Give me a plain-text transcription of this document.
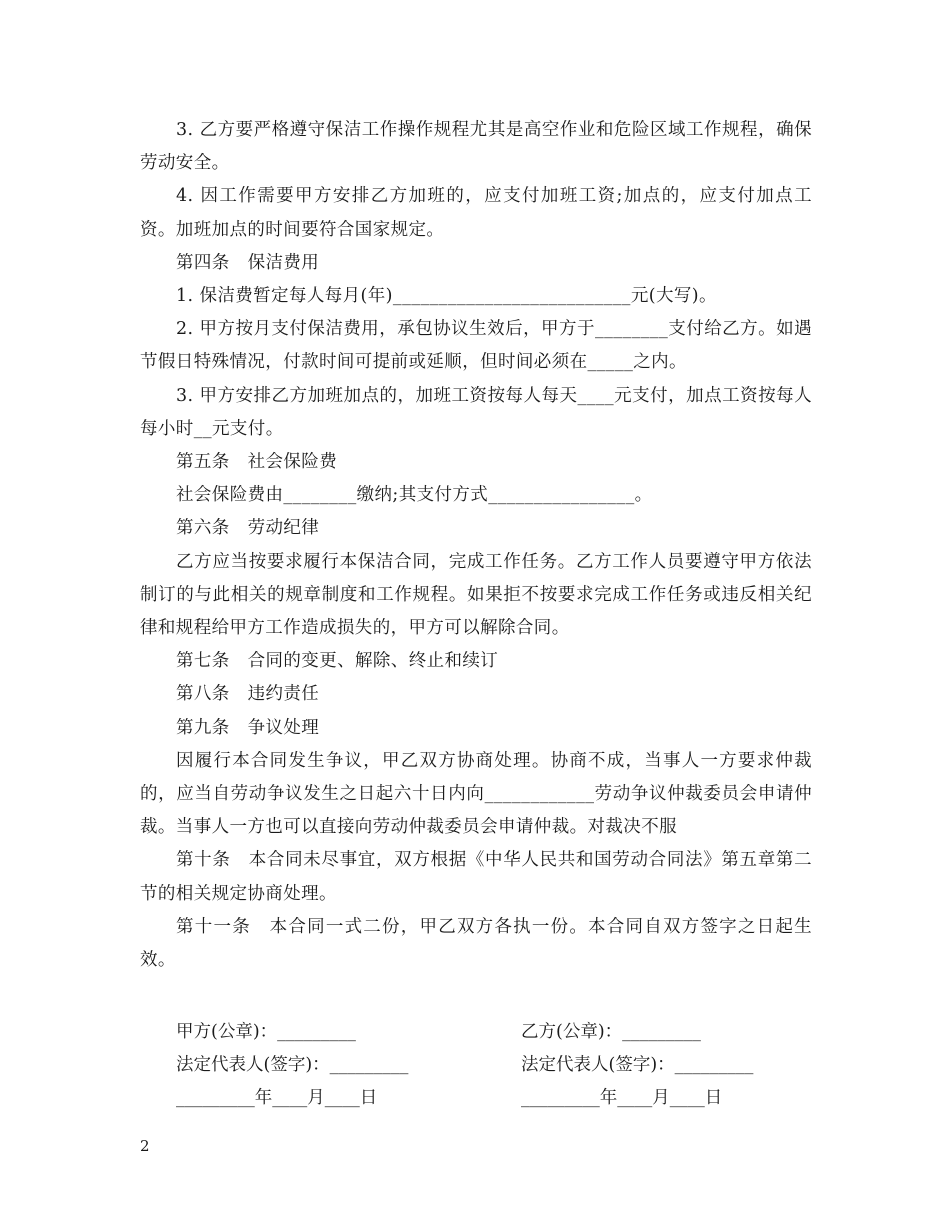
3. 乙方要严格遵守保洁工作操作规程尤其是高空作业和危险区域工作规程，确保劳动安全。

4. 因工作需要甲方安排乙方加班的，应支付加班工资;加点的，应支付加点工资。加班加点的时间要符合国家规定。

第四条　保洁费用

1. 保洁费暂定每人每月(年)__________________________元(大写)。

2. 甲方按月支付保洁费用，承包协议生效后，甲方于________支付给乙方。如遇节假日特殊情况，付款时间可提前或延顺，但时间必须在_____之内。

3. 甲方安排乙方加班加点的，加班工资按每人每天____元支付，加点工资按每人每小时__元支付。

第五条　社会保险费

社会保险费由________缴纳;其支付方式________________。

第六条　劳动纪律

乙方应当按要求履行本保洁合同，完成工作任务。乙方工作人员要遵守甲方依法制订的与此相关的规章制度和工作规程。如果拒不按要求完成工作任务或违反相关纪律和规程给甲方工作造成损失的，甲方可以解除合同。

第七条　合同的变更、解除、终止和续订

第八条　违约责任

第九条　争议处理

因履行本合同发生争议，甲乙双方协商处理。协商不成，当事人一方要求仲裁的，应当自劳动争议发生之日起六十日内向____________劳动争议仲裁委员会申请仲裁。当事人一方也可以直接向劳动仲裁委员会申请仲裁。对裁决不服

第十条　本合同未尽事宜，双方根据《中华人民共和国劳动合同法》第五章第二节的相关规定协商处理。

第十一条　本合同一式二份，甲乙双方各执一份。本合同自双方签字之日起生效。

甲方(公章)：_________	乙方(公章)：_________
法定代表人(签字)：_________	法定代表人(签字)：_________
_________年____月____日	_________年____月____日
2
